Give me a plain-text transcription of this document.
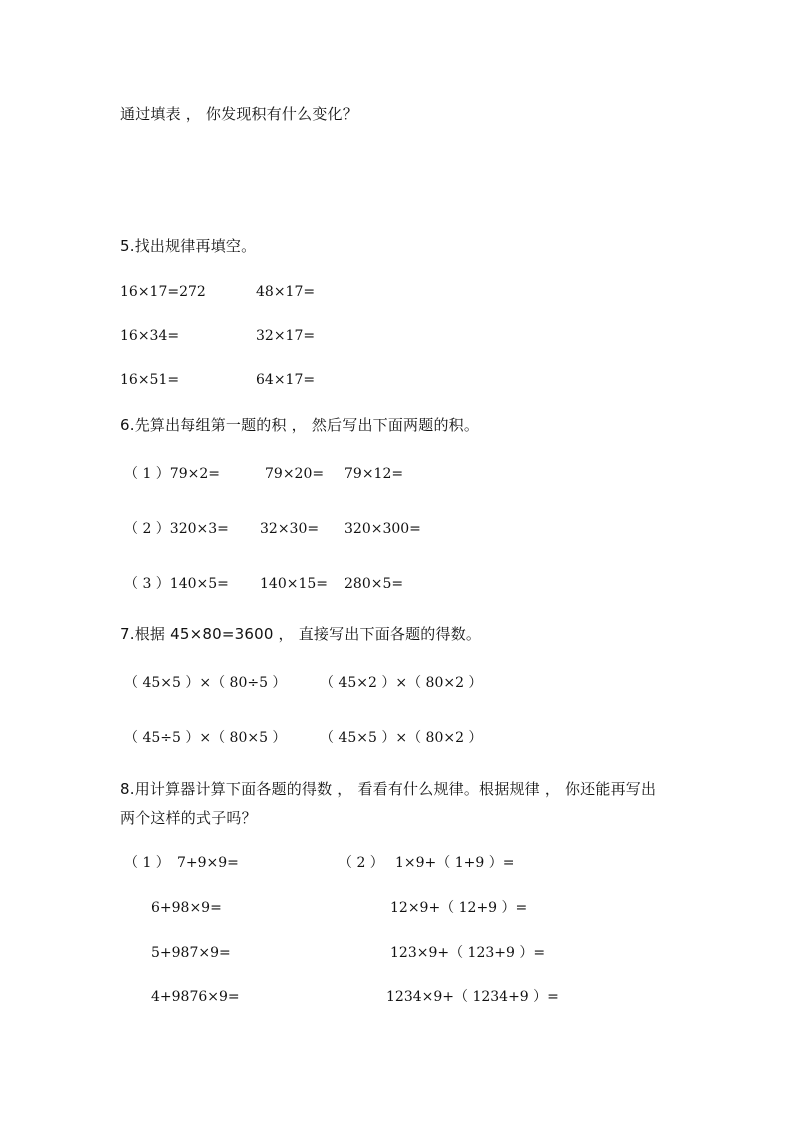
通过填表 ， 你发现积有什么变化？
5.找出规律再填空。
16×17=272	48×17=
16×34=	32×17=
16×51=	64×17=
6.先算出每组第一题的积 ， 然后写出下面两题的积。
（ 1 ）79×2=	79×20= 79×12=
（ 2 ）320×3= 32×30= 320×300=
（ 3 ）140×5= 140×15= 280×5=
7.根据 45×80=3600 ， 直接写出下面各题的得数。
（ 45×5 ）×（ 80÷5 ） （ 45×2 ）×（ 80×2 ）
（ 45÷5 ）×（ 80×5 ） （ 45×5 ）×（ 80×2 ）
8.用计算器计算下面各题的得数 ， 看看有什么规律。根据规律 ， 你还能再写出
两个这样的式子吗？
（ 1 ） 7+9×9=
6+98×9=
5+987×9=
4+9876×9=
（ 2 ） 1×9+（ 1+9 ）=
12×9+（ 12+9 ）=
123×9+（ 123+9 ）=
1234×9+（ 1234+9 ）=
